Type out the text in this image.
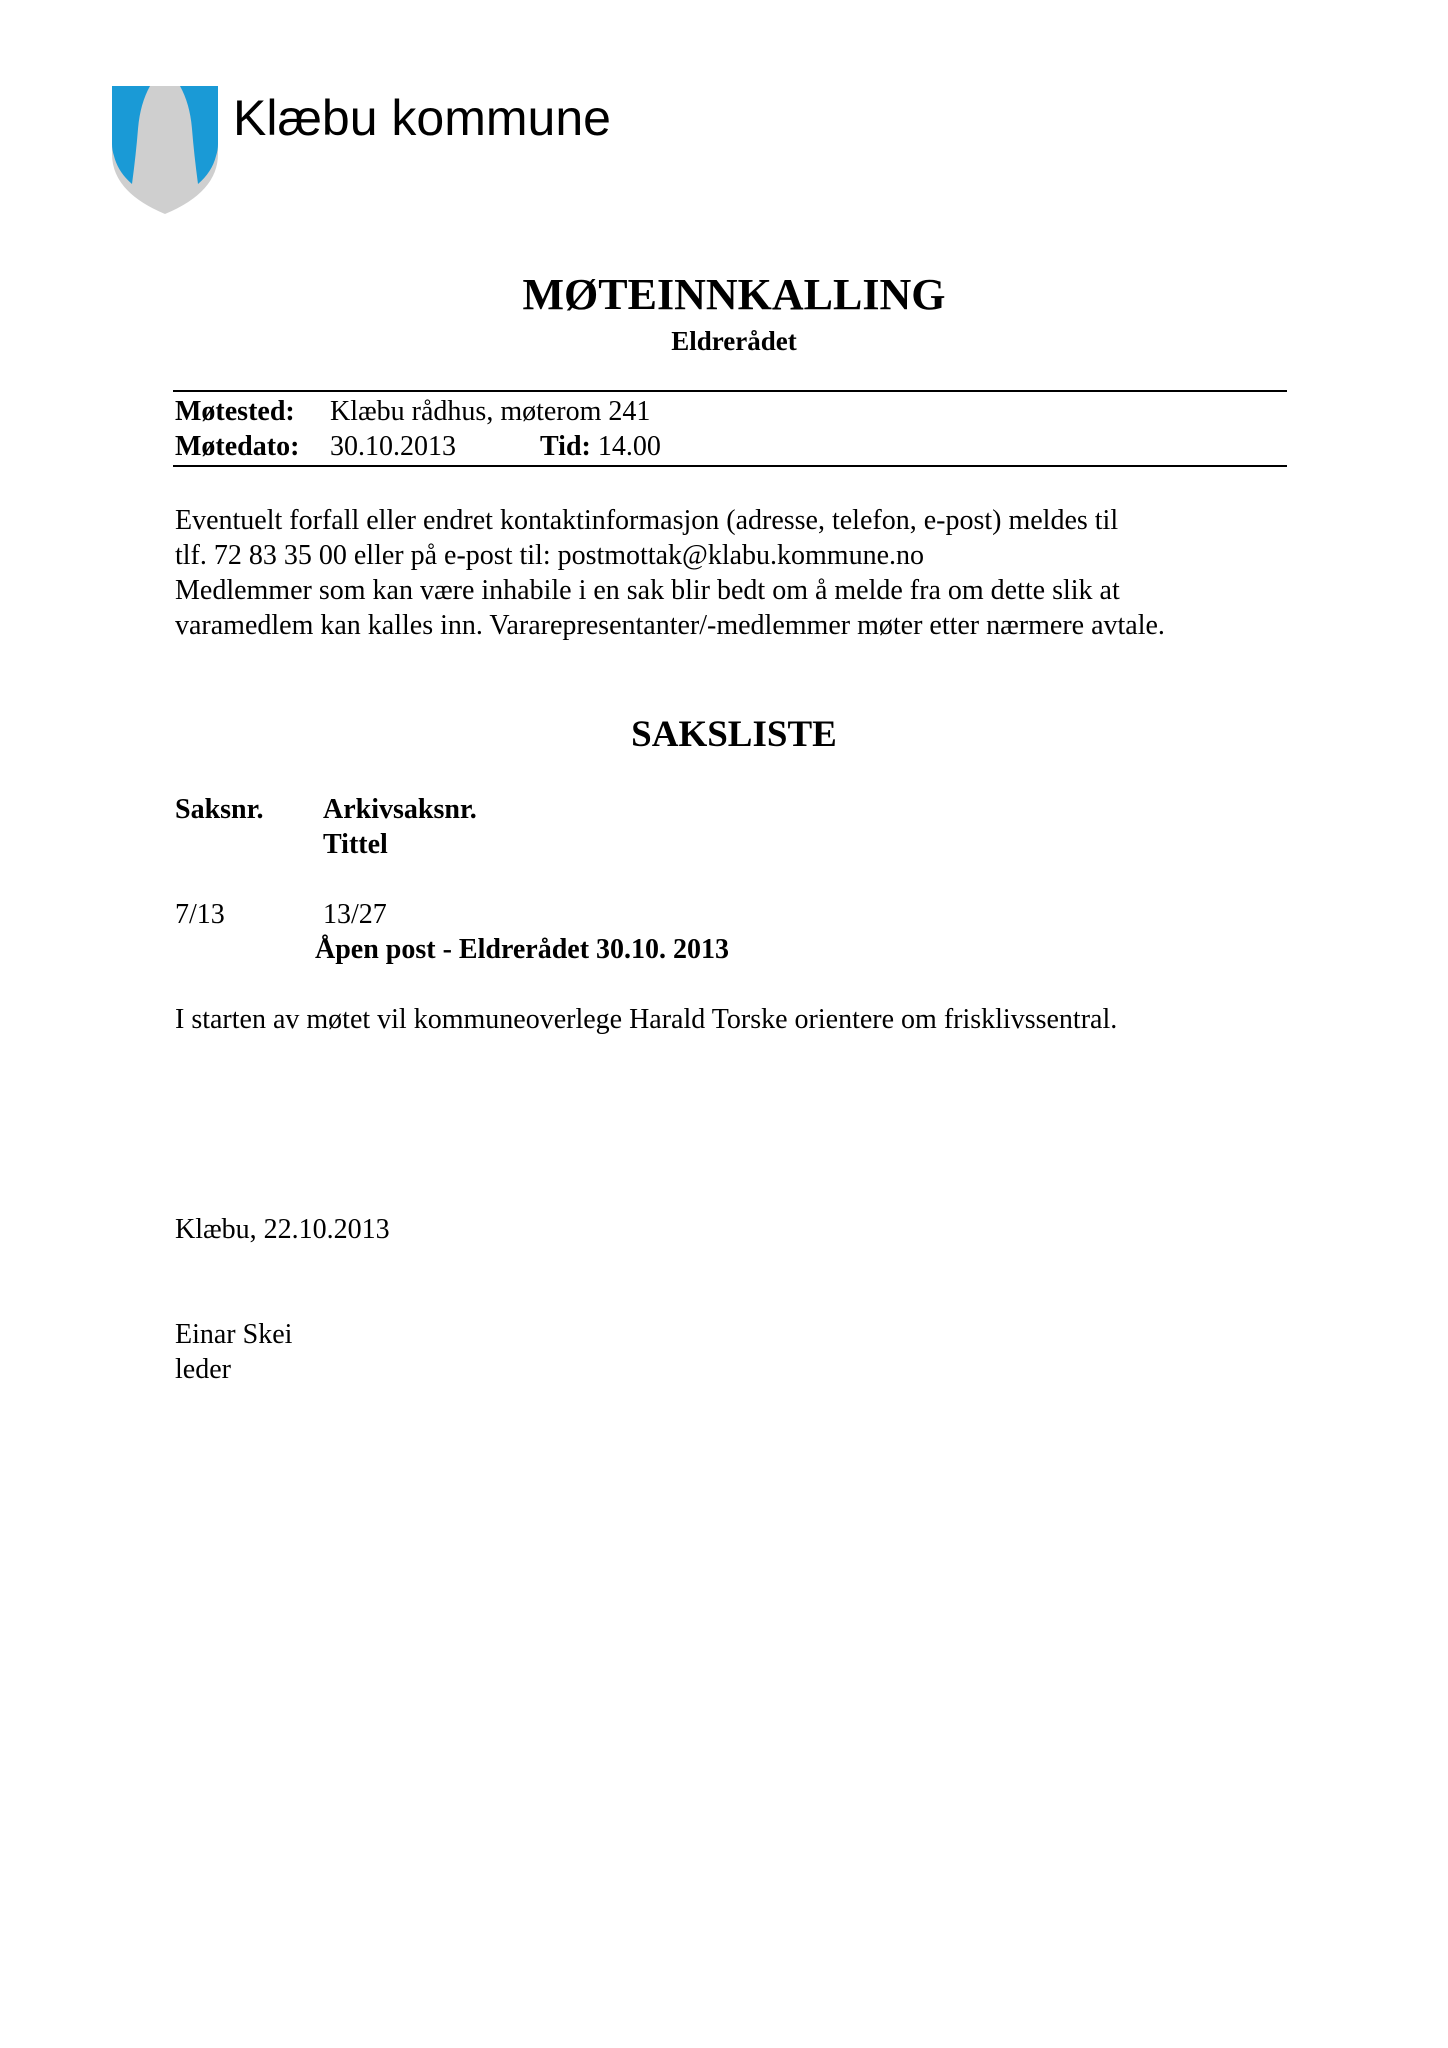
Klæbu kommune
MØTEINNKALLING
Eldrerådet
Møtested: Klæbu rådhus, møterom 241
Møtedato: 30.10.2013	Tid: 14.00
Eventuelt forfall eller endret kontaktinformasjon (adresse, telefon, e-post) meldes til
tlf. 72 83 35 00 eller på e-post til: postmottak@klabu.kommune.no
Medlemmer som kan være inhabile i en sak blir bedt om å melde fra om dette slik at
varamedlem kan kalles inn. Vararepresentanter/-medlemmer møter etter nærmere avtale.
SAKSLISTE
Saksnr. Arkivsaksnr.
Tittel
7/13	13/27
Åpen post - Eldrerådet 30.10. 2013
I starten av møtet vil kommuneoverlege Harald Torske orientere om frisklivssentral.
Klæbu, 22.10.2013
Einar Skei
leder
